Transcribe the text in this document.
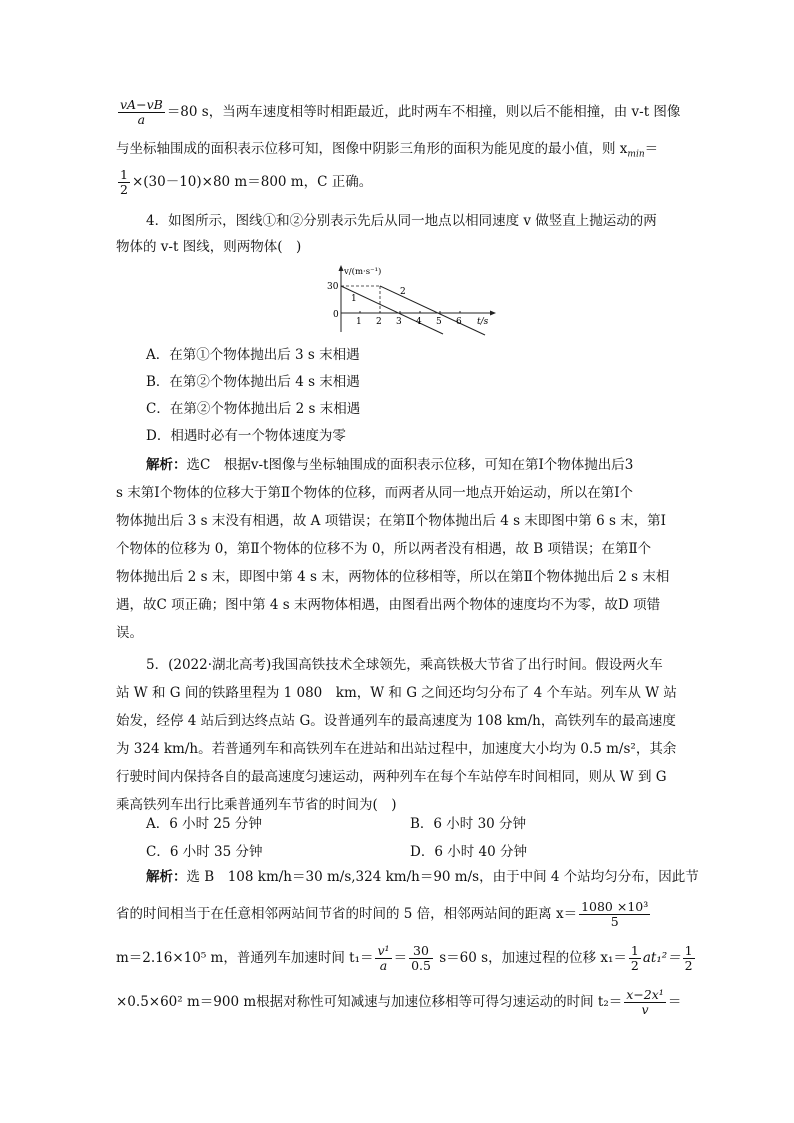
$\frac{vA-vB}{a} =80$ s，当两车速度相等时相距最近，此时两车不相撞，则以后不能相撞，由 v-t 图像
与坐标轴围成的面积表示位移可知，图像中阴影三角形的面积为能见度的最小值，则 $x_{min}=$
$\frac{1}{2} \times(30-10)\times 80$ m＝800 m，C 正确。
4．如图所示，图线①和②分别表示先后从同一地点以相同速度 v 做竖直上抛运动的两
物体的 v-t 图线，则两物体(　)
v/(m·s⁻¹)
30
0
1 2 3 4 5 6 t/s
1
2
A．在第①个物体抛出后 3 s 末相遇
B．在第②个物体抛出后 4 s 末相遇
C．在第②个物体抛出后 2 s 末相遇
D．相遇时必有一个物体速度为零
解析：选C　根据v-t图像与坐标轴围成的面积表示位移，可知在第Ⅰ个物体抛出后3
s 末第Ⅰ个物体的位移大于第Ⅱ个物体的位移，而两者从同一地点开始运动，所以在第Ⅰ个
物体抛出后 3 s 末没有相遇，故 A 项错误；在第Ⅱ个物体抛出后 4 s 末即图中第 6 s 末，第Ⅰ
个物体的位移为 0，第Ⅱ个物体的位移不为 0，所以两者没有相遇，故 B 项错误；在第Ⅱ个
物体抛出后 2 s 末，即图中第 4 s 末，两物体的位移相等，所以在第Ⅱ个物体抛出后 2 s 末相
遇，故C 项正确；图中第 4 s 末两物体相遇，由图看出两个物体的速度均不为零，故D 项错
误。
5．(2022·湖北高考)我国高铁技术全球领先，乘高铁极大节省了出行时间。假设两火车
站 W 和 G 间的铁路里程为 1 080　km，W 和 G 之间还均匀分布了 4 个车站。列车从 W 站
始发，经停 4 站后到达终点站 G。设普通列车的最高速度为 108 km/h，高铁列车的最高速度
为 324 km/h。若普通列车和高铁列车在进站和出站过程中，加速度大小均为 0.5 m/s²，其余
行驶时间内保持各自的最高速度匀速运动，两种列车在每个车站停车时间相同，则从 W 到 G
乘高铁列车出行比乘普通列车节省的时间为(　)
A．6 小时 25 分钟	B．6 小时 30 分钟
C．6 小时 35 分钟	D．6 小时 40 分钟
解析：选 B　108 km/h＝30 m/s,324 km/h＝90 m/s，由于中间 4 个站均匀分布，因此节
省的时间相当于在任意相邻两站间节省的时间的 5 倍，相邻两站间的距离 $x= \frac{\text{1080 ×10³}}{5}$
m＝2.16×10⁵ m，普通列车加速时间 $t_1= \frac{\text{v¹}}{a} = \frac{30}{0.5} s=60$ s，加速过程的位移 $x_1= \frac{1}{2} at_1^2= \frac{1}{2}$
×0.5×60² m＝900 m根据对称性可知减速与加速位移相等可得匀速运动的时间 $t_2= \frac{\text{x−2x¹}}{v}$ ＝
